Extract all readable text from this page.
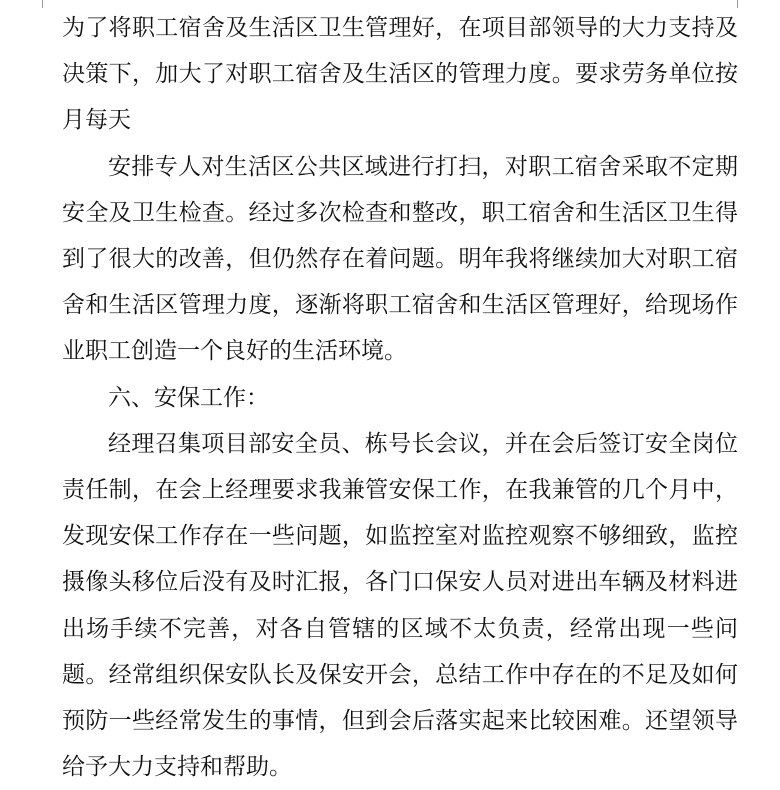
为了将职工宿舍及生活区卫生管理好，在项目部领导的大力支持及决策下，加大了对职工宿舍及生活区的管理力度。要求劳务单位按月每天

安排专人对生活区公共区域进行打扫，对职工宿舍采取不定期安全及卫生检查。经过多次检查和整改，职工宿舍和生活区卫生得到了很大的改善，但仍然存在着问题。明年我将继续加大对职工宿舍和生活区管理力度，逐渐将职工宿舍和生活区管理好，给现场作业职工创造一个良好的生活环境。

六、安保工作：

经理召集项目部安全员、栋号长会议，并在会后签订安全岗位责任制，在会上经理要求我兼管安保工作，在我兼管的几个月中，发现安保工作存在一些问题，如监控室对监控观察不够细致，监控摄像头移位后没有及时汇报，各门口保安人员对进出车辆及材料进出场手续不完善，对各自管辖的区域不太负责，经常出现一些问题。经常组织保安队长及保安开会，总结工作中存在的不足及如何预防一些经常发生的事情，但到会后落实起来比较困难。还望领导给予大力支持和帮助。
